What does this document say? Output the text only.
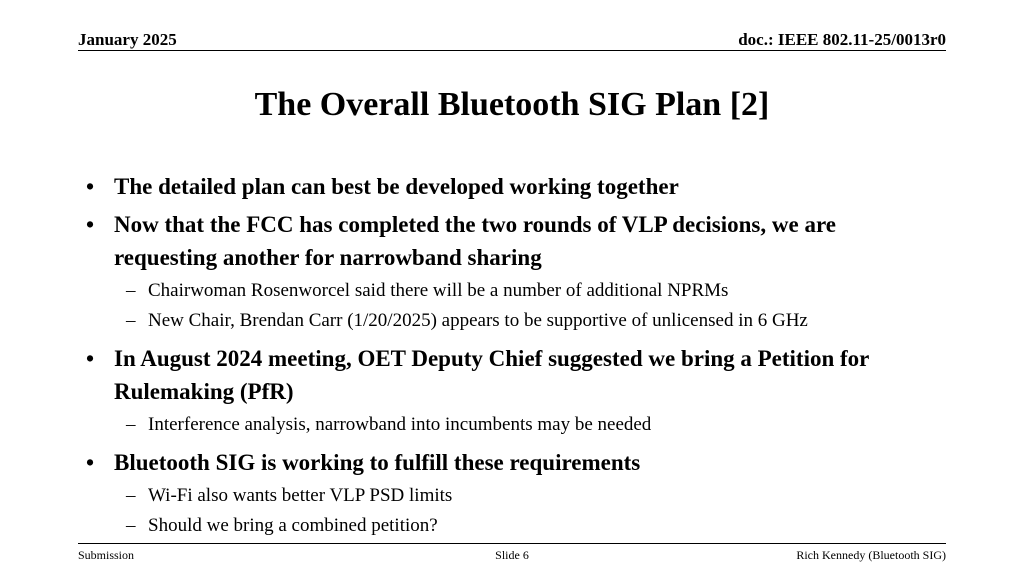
January 2025	doc.: IEEE 802.11-25/0013r0
The Overall Bluetooth SIG Plan [2]
• The detailed plan can best be developed working together
• Now that the FCC has completed the two rounds of VLP decisions, we are requesting another for narrowband sharing
– Chairwoman Rosenworcel said there will be a number of additional NPRMs
– New Chair, Brendan Carr (1/20/2025) appears to be supportive of unlicensed in 6 GHz
• In August 2024 meeting, OET Deputy Chief suggested we bring a Petition for Rulemaking (PfR)
– Interference analysis, narrowband into incumbents may be needed
• Bluetooth SIG is working to fulfill these requirements
– Wi-Fi also wants better VLP PSD limits
– Should we bring a combined petition?
Submission	Slide 6	Rich Kennedy (Bluetooth SIG)
